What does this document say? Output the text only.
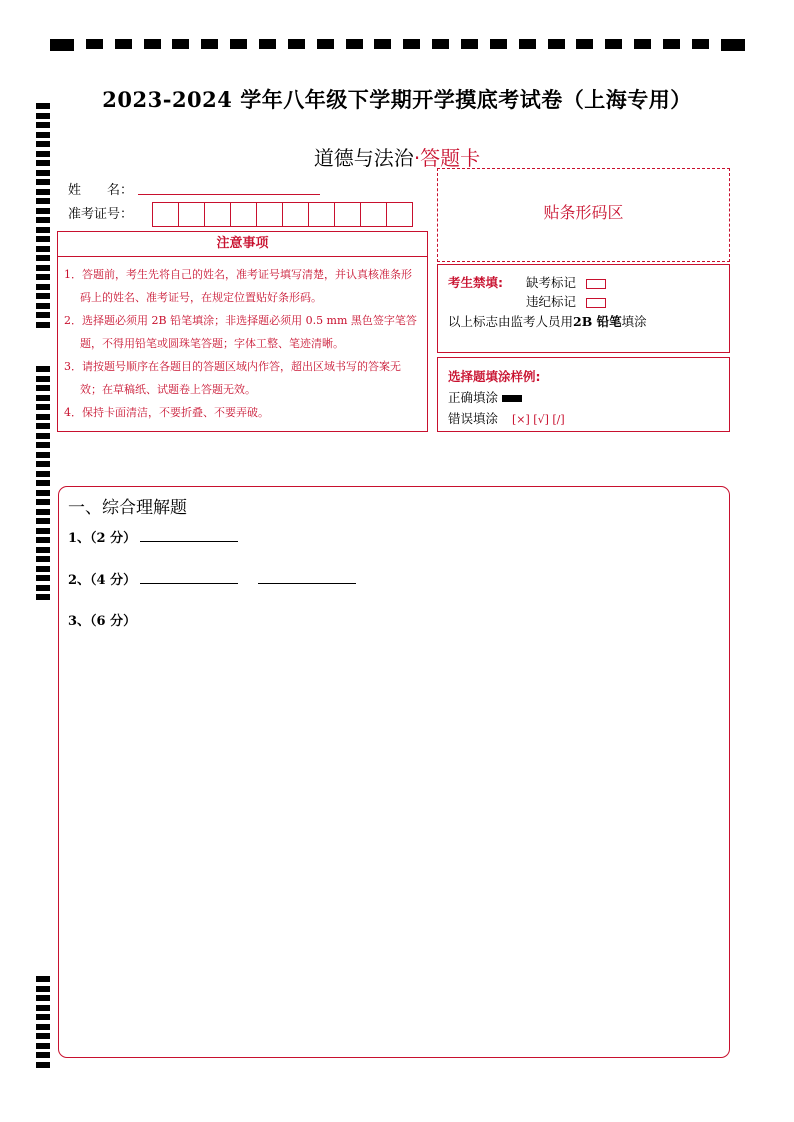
2023-2024 学年八年级下学期开学摸底考试卷（上海专用）
道德与法治·答题卡
姓　　名：
准考证号：	贴条形码区
注意事项
1．答题前，考生先将自己的姓名，准考证号填写清楚，并认真核准条形码上的姓名、准考证号，在规定位置贴好条形码。
2．选择题必须用 2B 铅笔填涂；非选择题必须用 0.5 mm 黑色签字笔答题，不得用铅笔或圆珠笔答题；字体工整、笔迹清晰。
3．请按题号顺序在各题目的答题区域内作答，超出区域书写的答案无效；在草稿纸、试题卷上答题无效。
4．保持卡面清洁，不要折叠、不要弄破。
考生禁填: 缺考标记
违纪标记
以上标志由监考人员用2B 铅笔填涂
选择题填涂样例:
正确填涂
错误填涂 [×] [√] [/]
一、综合理解题
1、（2 分）
2、（4 分）
3、（6 分）
